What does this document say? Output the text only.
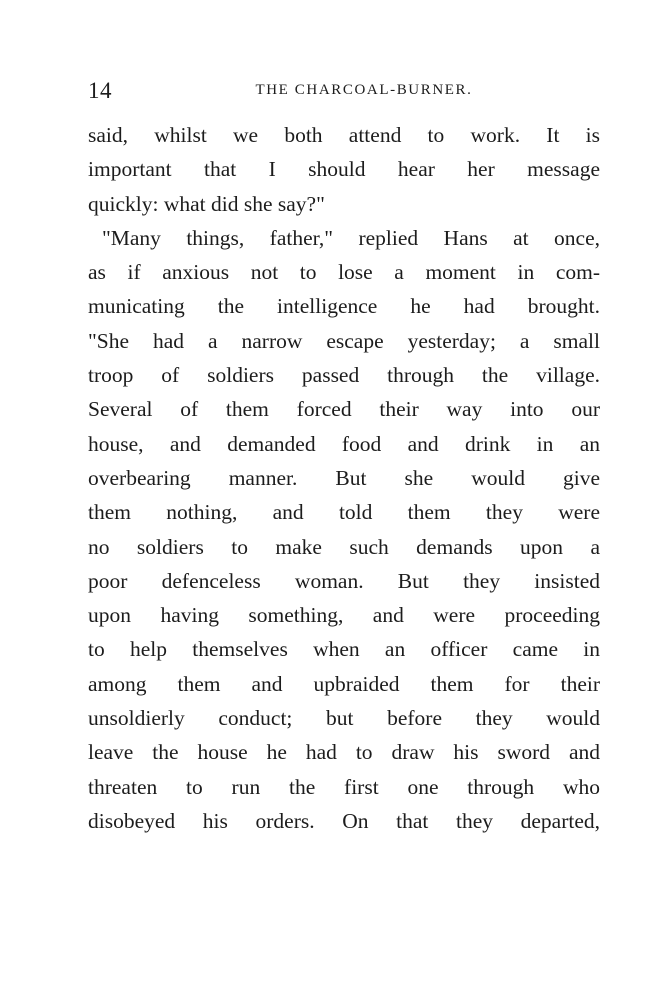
14	THE CHARCOAL-BURNER.
said, whilst we both attend to work. It is
important that I should hear her message
quickly: what did she say?"
"Many things, father," replied Hans at once,
as if anxious not to lose a moment in com-
municating the intelligence he had brought.
"She had a narrow escape yesterday; a small
troop of soldiers passed through the village.
Several of them forced their way into our
house, and demanded food and drink in an
overbearing manner. But she would give
them nothing, and told them they were
no soldiers to make such demands upon a
poor defenceless woman. But they insisted
upon having something, and were proceeding
to help themselves when an officer came in
among them and upbraided them for their
unsoldierly conduct; but before they would
leave the house he had to draw his sword and
threaten to run the first one through who
disobeyed his orders. On that they departed,
